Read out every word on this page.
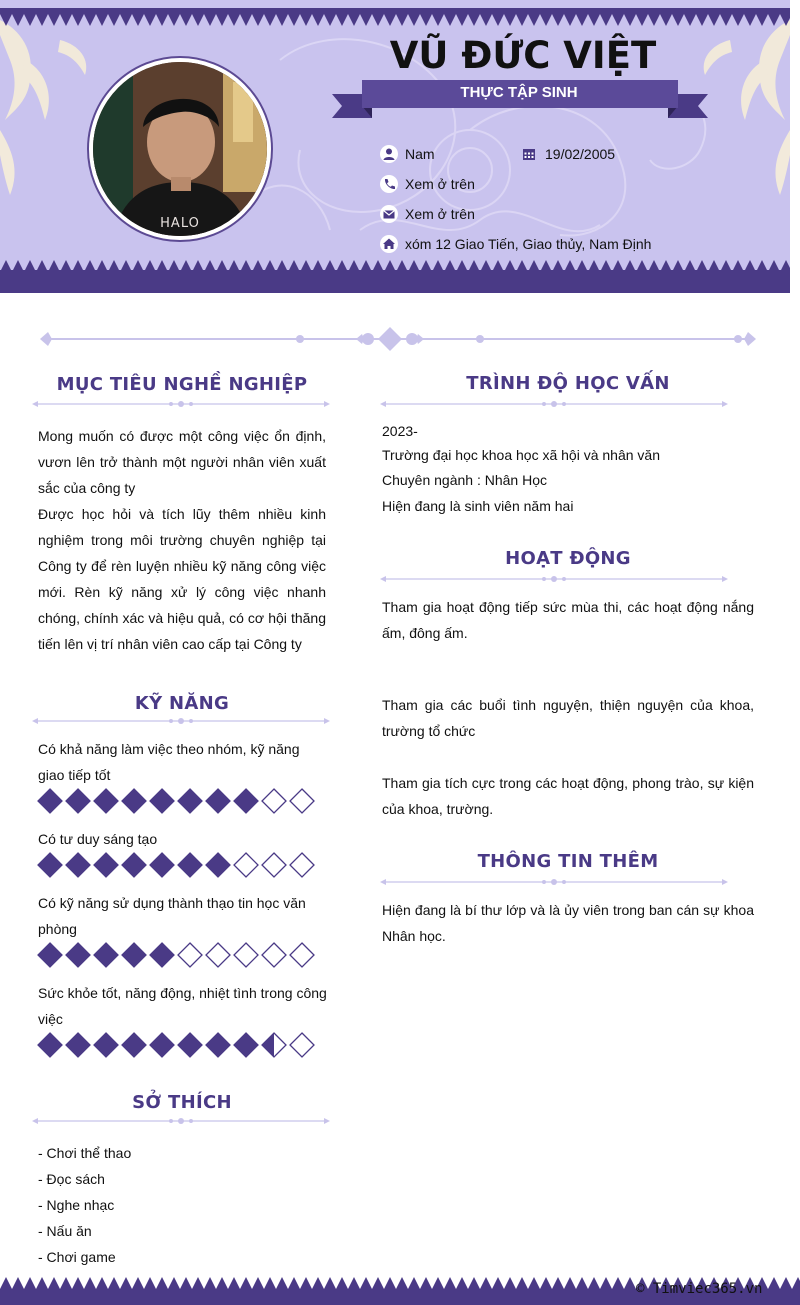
HALO
VŨ ĐỨC VIỆT
THỰC TẬP SINH
Nam	19/02/2005
Xem ở trên
Xem ở trên
xóm 12 Giao Tiến, Giao thủy, Nam Định
MỤC TIÊU NGHỀ NGHIỆP
Mong muốn có được một công việc ổn định, vươn lên trở thành một người nhân viên xuất sắc của công ty
Được học hỏi và tích lũy thêm nhiều kinh nghiệm trong môi trường chuyên nghiệp tại Công ty để rèn luyện nhiều kỹ năng công việc mới. Rèn kỹ năng xử lý công việc nhanh chóng, chính xác và hiệu quả, có cơ hội thăng tiến lên vị trí nhân viên cao cấp tại Công ty
KỸ NĂNG
Có khả năng làm việc theo nhóm, kỹ năng giao tiếp tốt
Có tư duy sáng tạo
Có kỹ năng sử dụng thành thạo tin học văn phòng
Sức khỏe tốt, năng động, nhiệt tình trong công việc
SỞ THÍCH
- Chơi thể thao
- Đọc sách
- Nghe nhạc
- Nấu ăn
- Chơi game
TRÌNH ĐỘ HỌC VẤN
2023-
Trường đại học khoa học xã hội và nhân văn
Chuyên ngành : Nhân Học
Hiện đang là sinh viên năm hai
HOẠT ĐỘNG
Tham gia hoạt động tiếp sức mùa thi, các hoạt động nắng ấm, đông ấm.
Tham gia các buổi tình nguyện, thiện nguyện của khoa, trường tổ chức
Tham gia tích cực trong các hoạt động, phong trào, sự kiện của khoa, trường.
THÔNG TIN THÊM
Hiện đang là bí thư lớp và là ủy viên trong ban cán sự khoa Nhân học.
© Timviec365.vn
